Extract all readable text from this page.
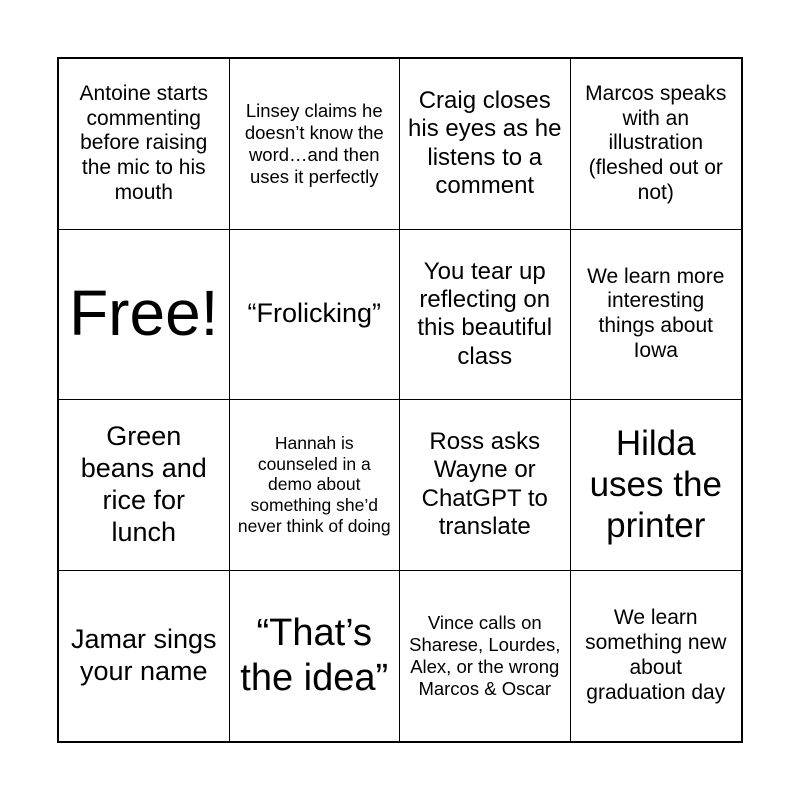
Antoine starts commenting before raising the mic to his mouth
Linsey claims he doesn’t know the word…and then uses it perfectly
Craig closes his eyes as he listens to a comment
Marcos speaks with an illustration (fleshed out or not)
Free! “Frolicking”
You tear up reflecting on this beautiful class
We learn more interesting things about Iowa
Green beans and rice for lunch
Hannah is counseled in a demo about something she’d never think of doing
Ross asks Wayne or ChatGPT to translate
Hilda uses the printer
Jamar sings your name
“That’s the idea”
Vince calls on Sharese, Lourdes, Alex, or the wrong Marcos & Oscar
We learn something new about graduation day
